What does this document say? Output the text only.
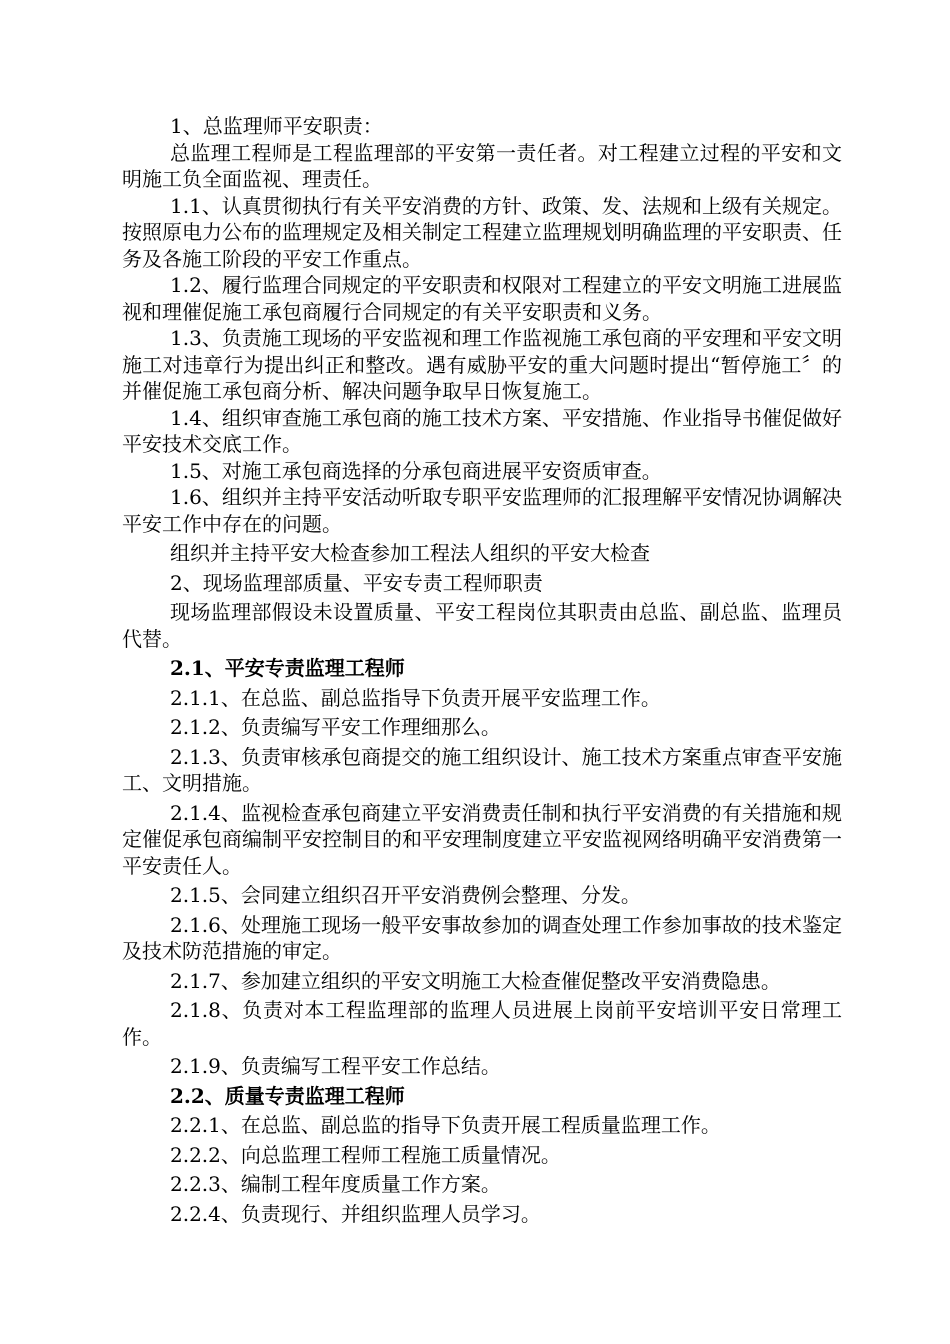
1、总监理师平安职责：

总监理工程师是工程监理部的平安第一责任者。对工程建立过程的平安和文明施工负全面监视、理责任。

1.1、认真贯彻执行有关平安消费的方针、政策、发、法规和上级有关规定。按照原电力公布的监理规定及相关制定工程建立监理规划明确监理的平安职责、任务及各施工阶段的平安工作重点。

1.2、履行监理合同规定的平安职责和权限对工程建立的平安文明施工进展监视和理催促施工承包商履行合同规定的有关平安职责和义务。

1.3、负责施工现场的平安监视和理工作监视施工承包商的平安理和平安文明施工对违章行为提出纠正和整改。遇有威胁平安的重大问题时提出“暂停施工〞的并催促施工承包商分析、解决问题争取早日恢复施工。

1.4、组织审查施工承包商的施工技术方案、平安措施、作业指导书催促做好平安技术交底工作。

1.5、对施工承包商选择的分承包商进展平安资质审查。

1.6、组织并主持平安活动听取专职平安监理师的汇报理解平安情况协调解决平安工作中存在的问题。

组织并主持平安大检查参加工程法人组织的平安大检查

2、现场监理部质量、平安专责工程师职责

现场监理部假设未设置质量、平安工程岗位其职责由总监、副总监、监理员代替。

2.1、平安专责监理工程师

2.1.1、在总监、副总监指导下负责开展平安监理工作。

2.1.2、负责编写平安工作理细那么。

2.1.3、负责审核承包商提交的施工组织设计、施工技术方案重点审查平安施工、文明措施。

2.1.4、监视检查承包商建立平安消费责任制和执行平安消费的有关措施和规定催促承包商编制平安控制目的和平安理制度建立平安监视网络明确平安消费第一平安责任人。

2.1.5、会同建立组织召开平安消费例会整理、分发。

2.1.6、处理施工现场一般平安事故参加的调查处理工作参加事故的技术鉴定及技术防范措施的审定。

2.1.7、参加建立组织的平安文明施工大检查催促整改平安消费隐患。

2.1.8、负责对本工程监理部的监理人员进展上岗前平安培训平安日常理工作。

2.1.9、负责编写工程平安工作总结。

2.2、质量专责监理工程师

2.2.1、在总监、副总监的指导下负责开展工程质量监理工作。

2.2.2、向总监理工程师工程施工质量情况。

2.2.3、编制工程年度质量工作方案。

2.2.4、负责现行、并组织监理人员学习。
